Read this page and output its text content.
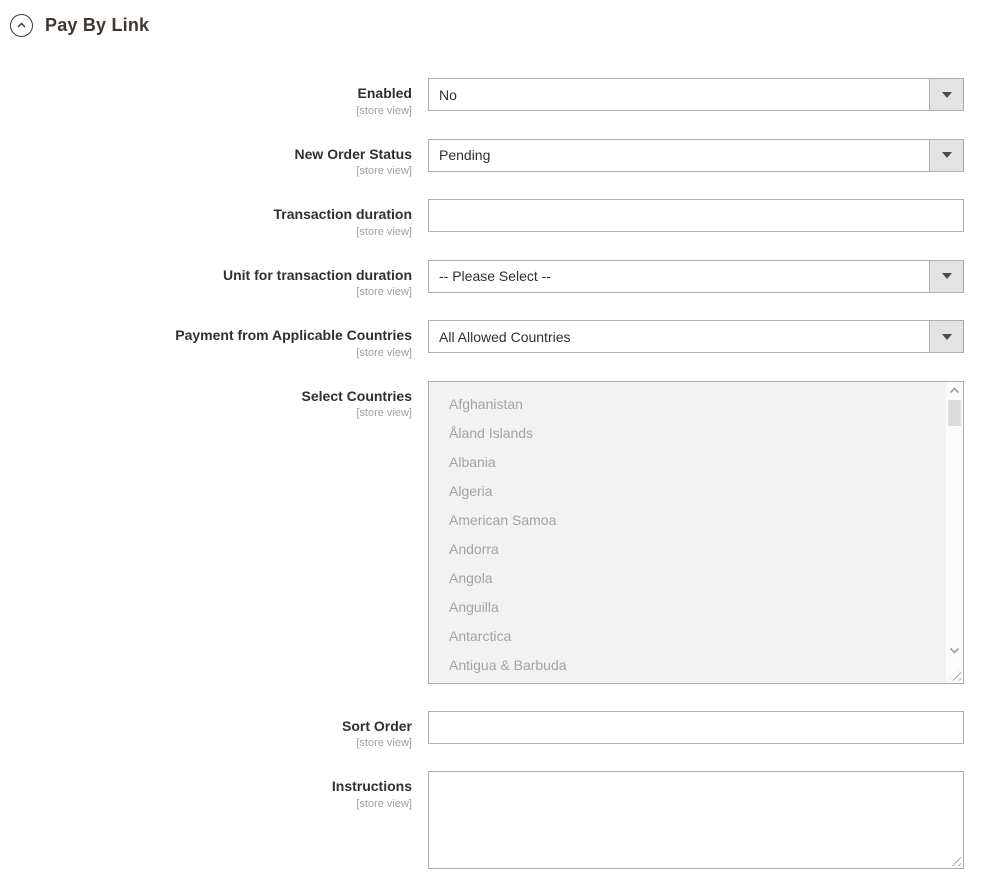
Pay By Link
Enabled
[store view]
No
New Order Status
[store view]
Pending
Transaction duration
[store view]
Unit for transaction duration
[store view]
-- Please Select --
Payment from Applicable Countries
[store view]
All Allowed Countries
Select Countries
[store view]
Afghanistan
Åland Islands
Albania
Algeria
American Samoa
Andorra
Angola
Anguilla
Antarctica
Antigua & Barbuda
Sort Order
[store view]
Instructions
[store view]
